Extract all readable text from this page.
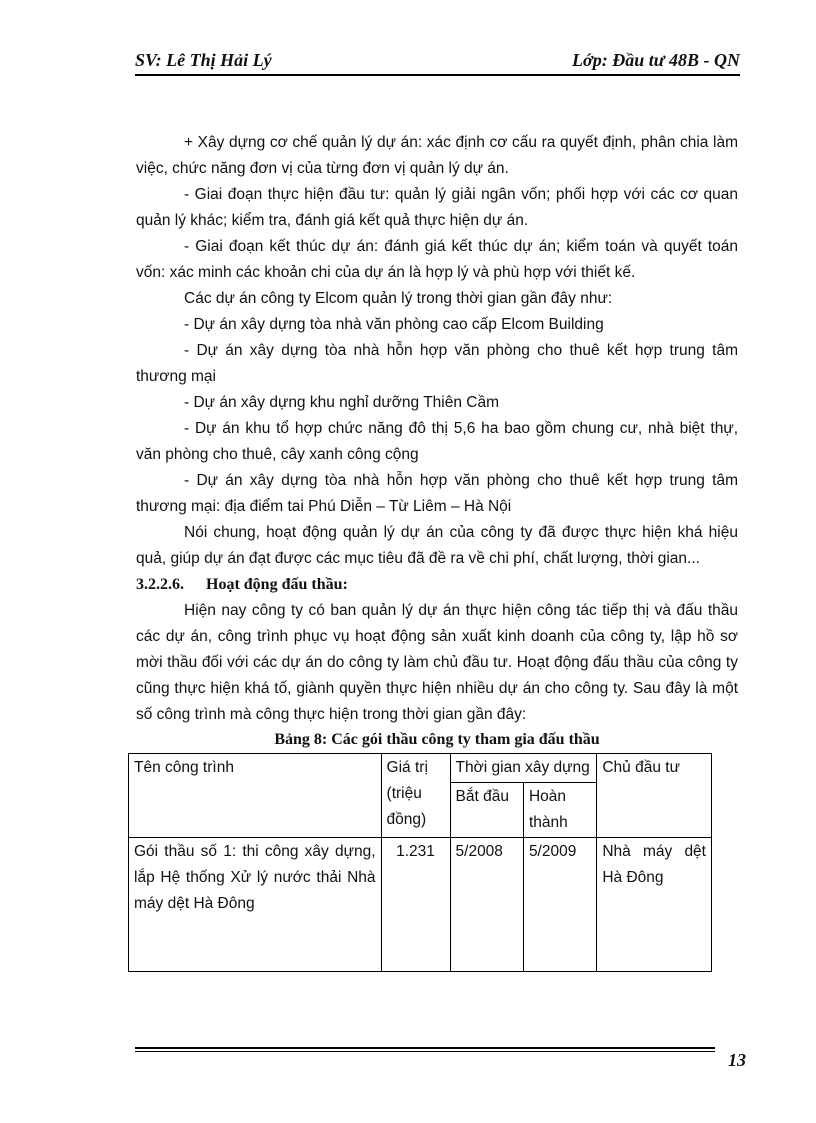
SV: Lê Thị Hải Lý	Lớp: Đầu tư 48B - QN

+ Xây dựng cơ chế quản lý dự án: xác định cơ cấu ra quyết định, phân chia làm việc, chức năng đơn vị của từng đơn vị quản lý dự án.

- Giai đoạn thực hiện đầu tư: quản lý giải ngân vốn; phối hợp với các cơ quan quản lý khác; kiểm tra, đánh giá kết quả thực hiện dự án.

- Giai đoạn kết thúc dự án: đánh giá kết thúc dự án; kiểm toán và quyết toán vốn: xác minh các khoản chi của dự án là hợp lý và phù hợp với thiết kế.

Các dự án công ty Elcom quản lý trong thời gian gần đây như:

- Dự án xây dựng tòa nhà văn phòng cao cấp Elcom Building

- Dự án xây dựng tòa nhà hỗn hợp văn phòng cho thuê kết hợp trung tâm thương mại

- Dự án xây dựng khu nghỉ dưỡng Thiên Cầm

- Dự án khu tổ hợp chức năng đô thị 5,6 ha bao gồm chung cư, nhà biệt thự, văn phòng cho thuê, cây xanh công cộng

- Dự án xây dựng tòa nhà hỗn hợp văn phòng cho thuê kết hợp trung tâm thương mại: địa điểm tai Phú Diễn – Từ Liêm – Hà Nội

Nói chung, hoạt động quản lý dự án của công ty đã được thực hiện khá hiệu quả, giúp dự án đạt được các mục tiêu đã đề ra về chi phí, chất lượng, thời gian...

3.2.2.6. Hoạt động đấu thầu:

Hiện nay công ty có ban quản lý dự án thực hiện công tác tiếp thị và đấu thầu các dự án, công trình phục vụ hoạt động sản xuất kinh doanh của công ty, lập hồ sơ mời thầu đối với các dự án do công ty làm chủ đầu tư. Hoạt động đấu thầu của công ty cũng thực hiện khá tố, giành quyền thực hiện nhiều dự án cho công ty. Sau đây là một số công trình mà công thực hiện trong thời gian gần đây:

Bảng 8: Các gói thầu công ty tham gia đấu thầu
Tên công trình	Giá trị (triệu đồng)	Thời gian xây dựng		Chủ đầu tư
		Bắt đầu	Hoàn thành	
Gói thầu số 1: thi công xây dựng, lắp Hệ thống Xử lý nước thải Nhà máy dệt Hà Đông	1.231	5/2008	5/2009	Nhà máy dệt Hà Đông
13
